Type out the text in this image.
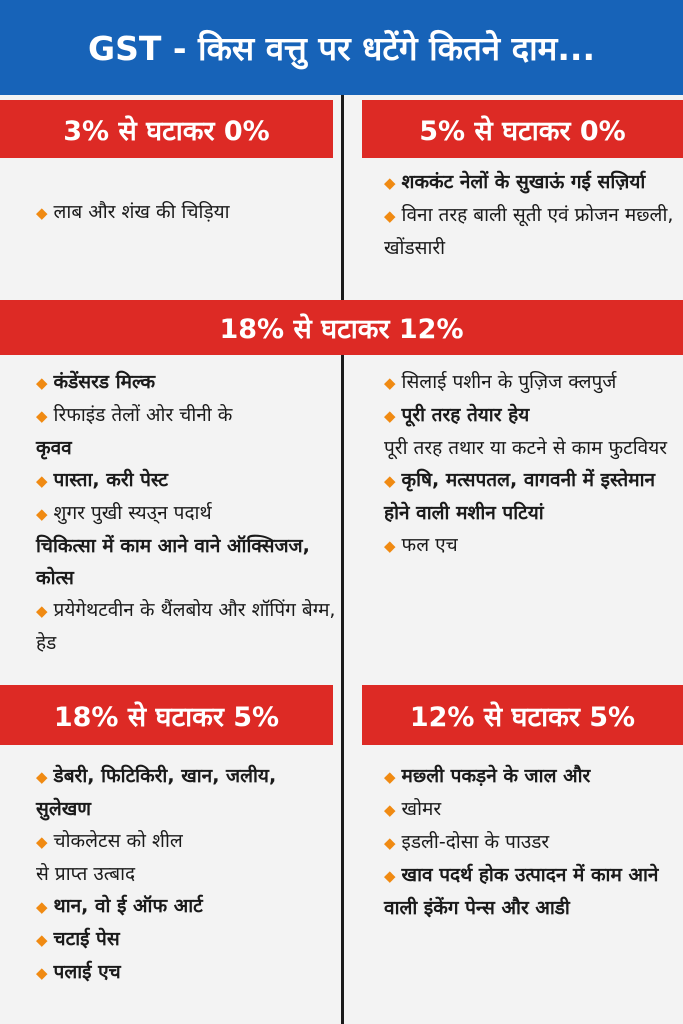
GST - किस वत्तु पर धटेंगे कितने दाम...
3% से घटाकर 0%	5% से घटाकर 0%
◆ लाब और शंख की चिड़िया
◆ शककंट नेलों के सुखाऊं गई सज़िर्या
◆ विना तरह बाली सूती एवं फ्रोजन मछ्ली, खोंडसारी
18% से घटाकर 12%
◆ कंडेंसरड मिल्क
◆ रिफाइंड तेलों ओर चीनी के
कृवव
◆ पास्ता, करी पेस्ट
◆ शुगर पुखी स्यउ्न पदार्थ
चिकित्सा में काम आने वाने ऑक्सिजज, कोत्स
◆ प्रयेगेथटवीन के थैंलबोय और शॉपिंग बेग्म, हेड
◆ सिलाई पशीन के पुज़िज क्लपुर्ज
◆ पूरी तरह तेयार हेय
पूरी तरह तथार या कटने से काम फुटवियर
◆ कृषि, मत्सपतल, वागवनी में इस्तेमान होने वाली मशीन पटियां
◆ फल एच
18% से घटाकर 5%	12% से घटाकर 5%
◆ डेबरी, फिटिकिरी, खान, जलीय, सुलेखण
◆ चोकलेटस को शील
से प्राप्त उत्बाद
◆ थान, वो ई ऑफ आर्ट
◆ चटाई पेस
◆ पलाई एच
◆ मछ्ली पकड़ने के जाल और
◆ खोमर
◆ इडली-दोसा के पाउडर
◆ खाव पदर्थ होक उत्पादन में काम आने वाली इंकेंग पेन्स और आडी
